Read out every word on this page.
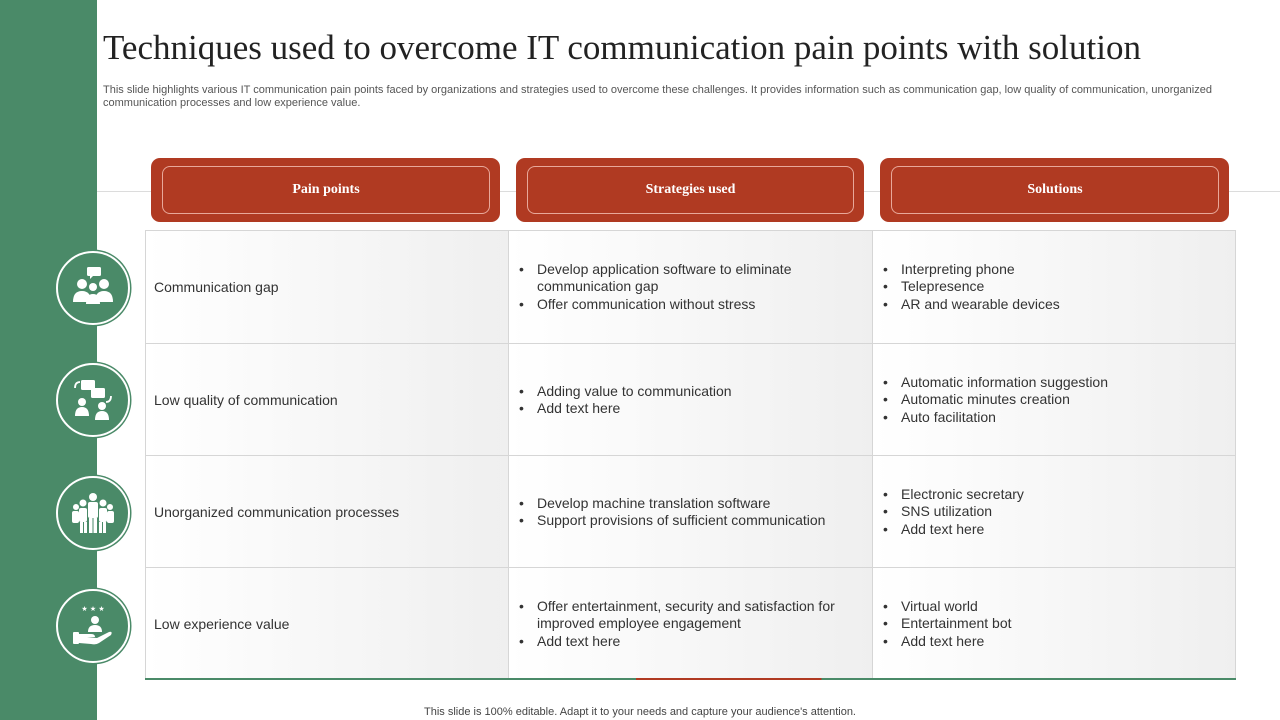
Techniques used to overcome IT communication pain points with solution

This slide highlights various IT communication pain points faced by organizations and strategies used to overcome these challenges. It provides information such as communication gap, low quality of communication, unorganized communication processes and low experience value.

Pain points	Strategies used	Solutions
Communication gap
• Develop application software to eliminate communication gap
• Offer communication without stress
• Interpreting phone
• Telepresence
• AR and wearable devices
Low quality of communication
• Adding value to communication
• Add text here
• Automatic information suggestion
• Automatic minutes creation
• Auto facilitation
Unorganized communication processes
• Develop machine translation software
• Support provisions of sufficient communication
• Electronic secretary
• SNS utilization
• Add text here
Low experience value
• Offer entertainment, security and satisfaction for improved employee engagement
• Add text here
• Virtual world
• Entertainment bot
• Add text here
★ ★ ★
This slide is 100% editable. Adapt it to your needs and capture your audience's attention.
